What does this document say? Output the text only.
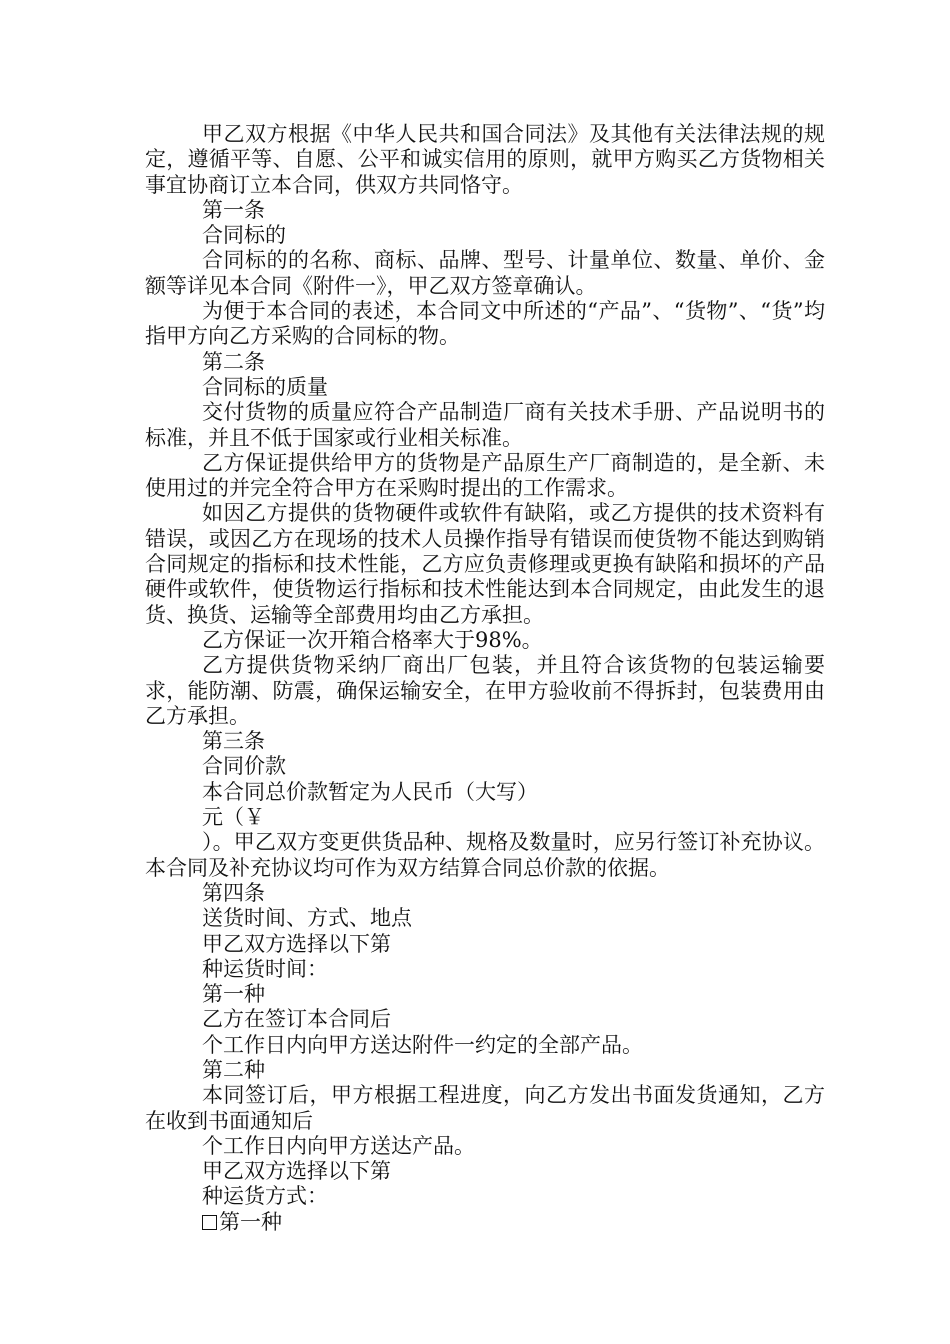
甲乙双方根据《中华人民共和国合同法》及其他有关法律法规的规定，遵循平等、自愿、公平和诚实信用的原则，就甲方购买乙方货物相关事宜协商订立本合同，供双方共同恪守。

第一条

合同标的

合同标的的名称、商标、品牌、型号、计量单位、数量、单价、金额等详见本合同《附件一》，甲乙双方签章确认。

为便于本合同的表述，本合同文中所述的“产品”、“货物”、“货”均指甲方向乙方采购的合同标的物。

第二条

合同标的质量

交付货物的质量应符合产品制造厂商有关技术手册、产品说明书的标准，并且不低于国家或行业相关标准。

乙方保证提供给甲方的货物是产品原生产厂商制造的，是全新、未使用过的并完全符合甲方在采购时提出的工作需求。

如因乙方提供的货物硬件或软件有缺陷，或乙方提供的技术资料有错误，或因乙方在现场的技术人员操作指导有错误而使货物不能达到购销合同规定的指标和技术性能，乙方应负责修理或更换有缺陷和损坏的产品硬件或软件，使货物运行指标和技术性能达到本合同规定，由此发生的退货、换货、运输等全部费用均由乙方承担。

乙方保证一次开箱合格率大于98%。

乙方提供货物采纳厂商出厂包装，并且符合该货物的包装运输要求，能防潮、防震，确保运输安全，在甲方验收前不得拆封，包装费用由乙方承担。

第三条

合同价款

本合同总价款暂定为人民币（大写）

元（￥

）。甲乙双方变更供货品种、规格及数量时，应另行签订补充协议。本合同及补充协议均可作为双方结算合同总价款的依据。

第四条

送货时间、方式、地点

甲乙双方选择以下第

种运货时间：

第一种

乙方在签订本合同后

个工作日内向甲方送达附件一约定的全部产品。

第二种

本同签订后，甲方根据工程进度，向乙方发出书面发货通知，乙方在收到书面通知后

个工作日内向甲方送达产品。

甲乙双方选择以下第

种运货方式：

第一种
